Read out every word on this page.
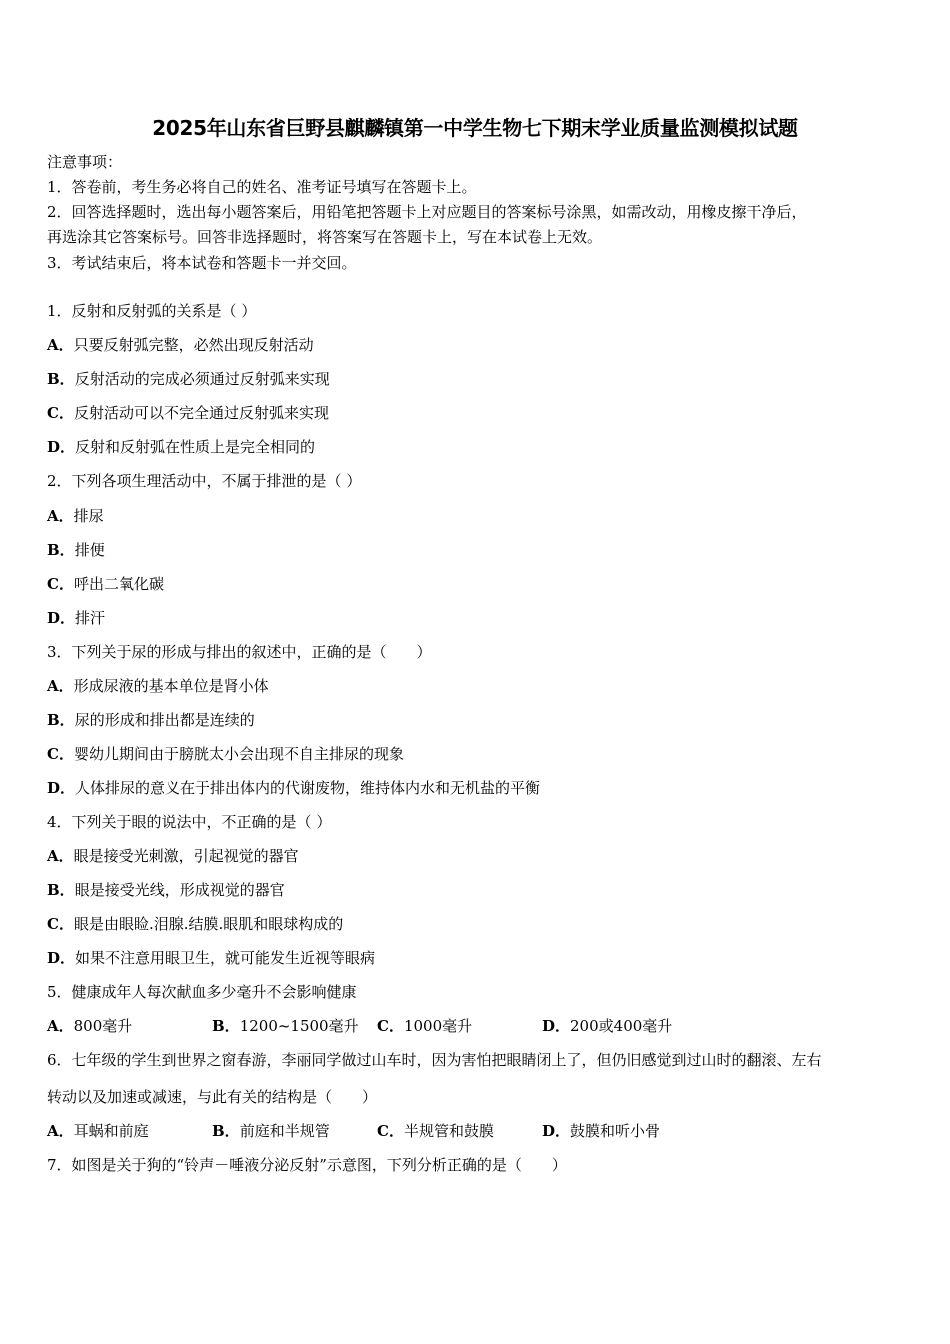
2025年山东省巨野县麒麟镇第一中学生物七下期末学业质量监测模拟试题
注意事项：
1．答卷前，考生务必将自己的姓名、准考证号填写在答题卡上。
2．回答选择题时，选出每小题答案后，用铅笔把答题卡上对应题目的答案标号涂黑，如需改动，用橡皮擦干净后，
再选涂其它答案标号。回答非选择题时，将答案写在答题卡上，写在本试卷上无效。
3．考试结束后，将本试卷和答题卡一并交回。
1．反射和反射弧的关系是（ ）
A．只要反射弧完整，必然出现反射活动
B．反射活动的完成必须通过反射弧来实现
C．反射活动可以不完全通过反射弧来实现
D．反射和反射弧在性质上是完全相同的
2．下列各项生理活动中，不属于排泄的是（ ）
A．排尿
B．排便
C．呼出二氧化碳
D．排汗
3．下列关于尿的形成与排出的叙述中，正确的是（　　）
A．形成尿液的基本单位是肾小体
B．尿的形成和排出都是连续的
C．婴幼儿期间由于膀胱太小会出现不自主排尿的现象
D．人体排尿的意义在于排出体内的代谢废物，维持体内水和无机盐的平衡
4．下列关于眼的说法中，不正确的是（ ）
A．眼是接受光刺激，引起视觉的器官
B．眼是接受光线，形成视觉的器官
C．眼是由眼睑.泪腺.结膜.眼肌和眼球构成的
D．如果不注意用眼卫生，就可能发生近视等眼病
5．健康成年人每次献血多少毫升不会影响健康
A．800毫升	B．1200~1500毫升 C．1000毫升	D．200或400毫升
6．七年级的学生到世界之窗春游，李丽同学做过山车时，因为害怕把眼睛闭上了，但仍旧感觉到过山时的翻滚、左右
转动以及加速或减速，与此有关的结构是（　　）
A．耳蜗和前庭	B．前庭和半规管	C．半规管和鼓膜	D．鼓膜和听小骨
7．如图是关于狗的“铃声－唾液分泌反射”示意图，下列分析正确的是（　　）
